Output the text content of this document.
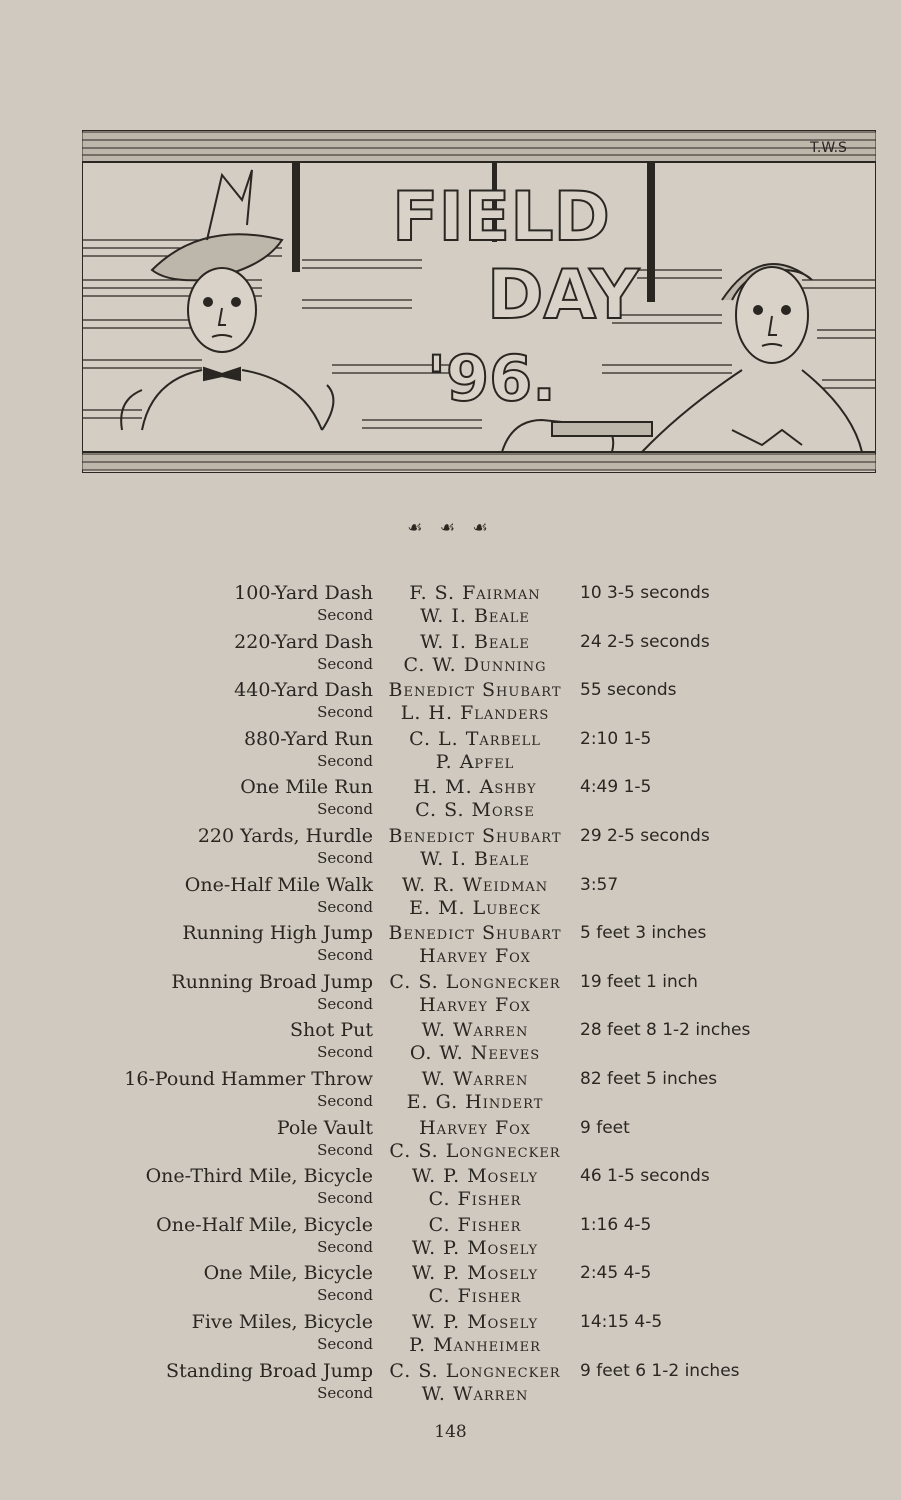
T.W.S
FIELD
DAY
'96.
☙ ☙ ☙
100-Yard Dash
Second
F. S. Fairman
W. I. Beale
10 3-5 seconds
220-Yard Dash
Second
W. I. Beale
C. W. Dunning
24 2-5 seconds
440-Yard Dash
Second
Benedict Shubart
L. H. Flanders
55 seconds
880-Yard Run
Second
C. L. Tarbell
P. Apfel
2:10 1-5
One Mile Run
Second
H. M. Ashby
C. S. Morse
4:49 1-5
220 Yards, Hurdle
Second
Benedict Shubart
W. I. Beale
29 2-5 seconds
One-Half Mile Walk
Second
W. R. Weidman
E. M. Lubeck
3:57
Running High Jump
Second
Benedict Shubart
Harvey Fox
5 feet 3 inches
Running Broad Jump
Second
C. S. Longnecker
Harvey Fox
19 feet 1 inch
Shot Put
Second
W. Warren
O. W. Neeves
28 feet 8 1-2 inches
16-Pound Hammer Throw
Second
W. Warren
E. G. Hindert
82 feet 5 inches
Pole Vault
Second
Harvey Fox
C. S. Longnecker
9 feet
One-Third Mile, Bicycle
Second
W. P. Mosely
C. Fisher
46 1-5 seconds
One-Half Mile, Bicycle
Second
C. Fisher
W. P. Mosely
1:16 4-5
One Mile, Bicycle
Second
W. P. Mosely
C. Fisher
2:45 4-5
Five Miles, Bicycle
Second
W. P. Mosely
P. Manheimer
14:15 4-5
Standing Broad Jump
Second
C. S. Longnecker
W. Warren
9 feet 6 1-2 inches
148
